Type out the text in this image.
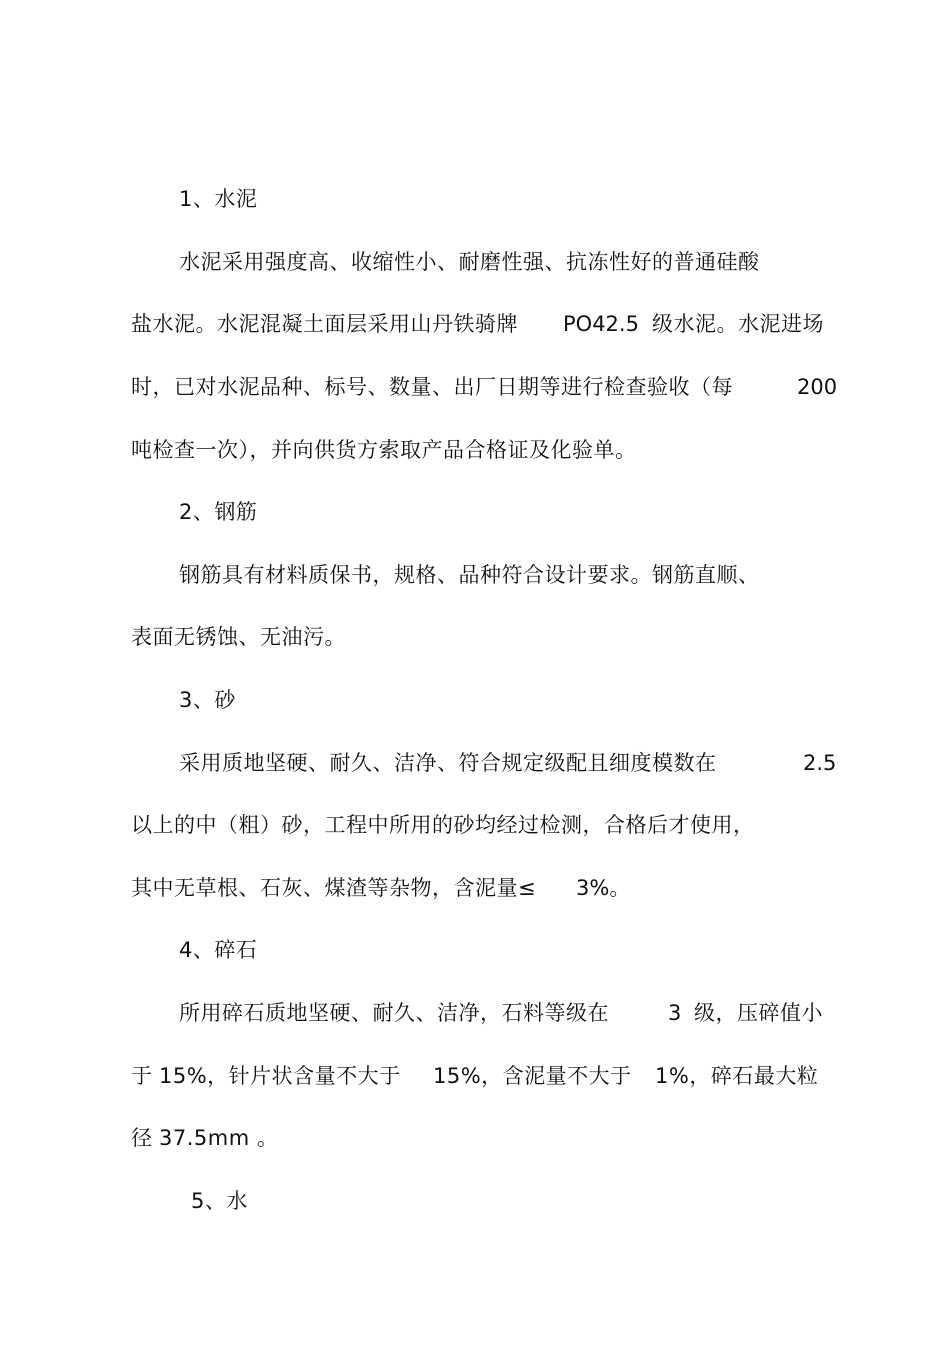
1、水泥
水泥采用强度高、收缩性小、耐磨性强、抗冻性好的普通硅酸
盐水泥。水泥混凝土面层采用山丹铁骑牌 PO42.5 级水泥。水泥进场
时，已对水泥品种、标号、数量、出厂日期等进行检查验收（每	200
吨检查一次），并向供货方索取产品合格证及化验单。
2、钢筋
钢筋具有材料质保书，规格、品种符合设计要求。钢筋直顺、
表面无锈蚀、无油污。
3、砂
采用质地坚硬、耐久、洁净、符合规定级配且细度模数在	2.5
以上的中（粗）砂，工程中所用的砂均经过检测，合格后才使用，
其中无草根、石灰、煤渣等杂物，含泥量≤ 3%。
4、碎石
所用碎石质地坚硬、耐久、洁净，石料等级在	3 级，压碎值小
于 15%，针片状含量不大于 15%，含泥量不大于 1%，碎石最大粒
径 37.5mm 。
5、水
